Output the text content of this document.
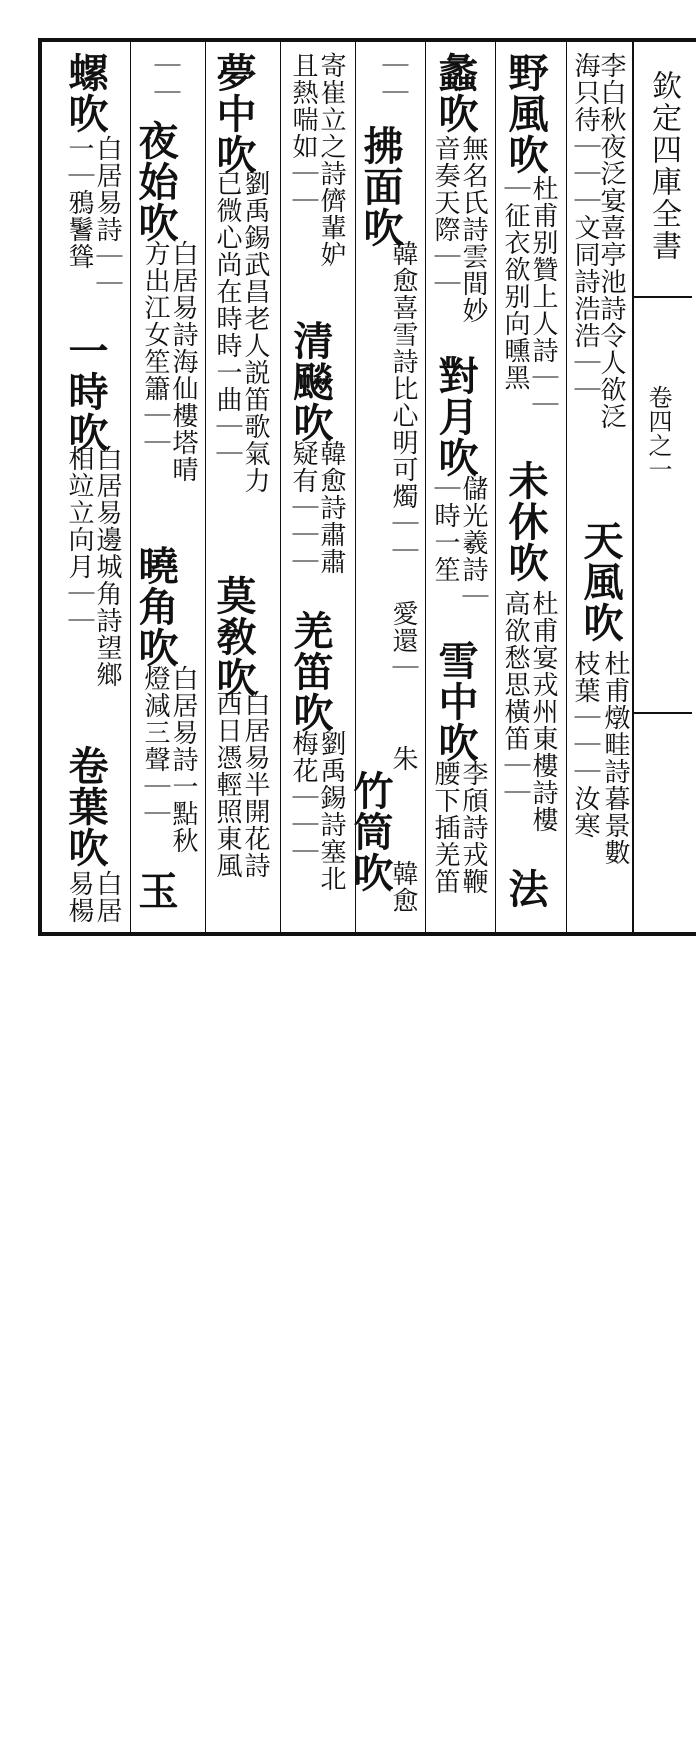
欽定四庫全書
卷四之一
李白秋夜泛宴喜亭池詩令人欲泛
海只待｜｜｜文同詩浩浩｜｜
天風吹
杜甫燉畦詩暮景數
枝葉｜｜｜汝寒
野風吹
杜甫别贊上人詩｜｜
｜征衣欲别向曛黑
未休吹
杜甫宴戎州東樓詩樓
高欲愁思橫笛｜｜
法
蠡吹
無名氏詩雲間妙
音奏天際｜｜
對月吹
儲光羲詩｜
｜時一笙
雪中吹
李頎詩戎鞭
腰下插羌笛
｜｜
拂面吹
韓愈喜雪詩比心明可燭｜｜
愛還｜
朱
竹筒吹
韓愈
寄崔立之詩儕輩妒
清飈吹
韓愈詩肅肅
羌笛吹
劉禹錫詩塞北
且熱喘如｜｜
疑有｜｜｜
梅花｜｜｜
夢中吹
劉禹錫武昌老人説笛歌氣力
已微心尚在時時一曲｜｜
莫敎吹
白居易半開花詩
西日憑輕照東風
｜｜
夜始吹
白居易詩海仙樓塔晴
方出江女笙簫｜｜
曉角吹
白居易詩一點秋
燈減三聲｜｜
玉
螺吹
白居易詩｜｜
一｜鴉鬐聳
一時吹
白居易邊城角詩望鄉
相竝立向月｜｜
卷葉吹
白居
易楊
